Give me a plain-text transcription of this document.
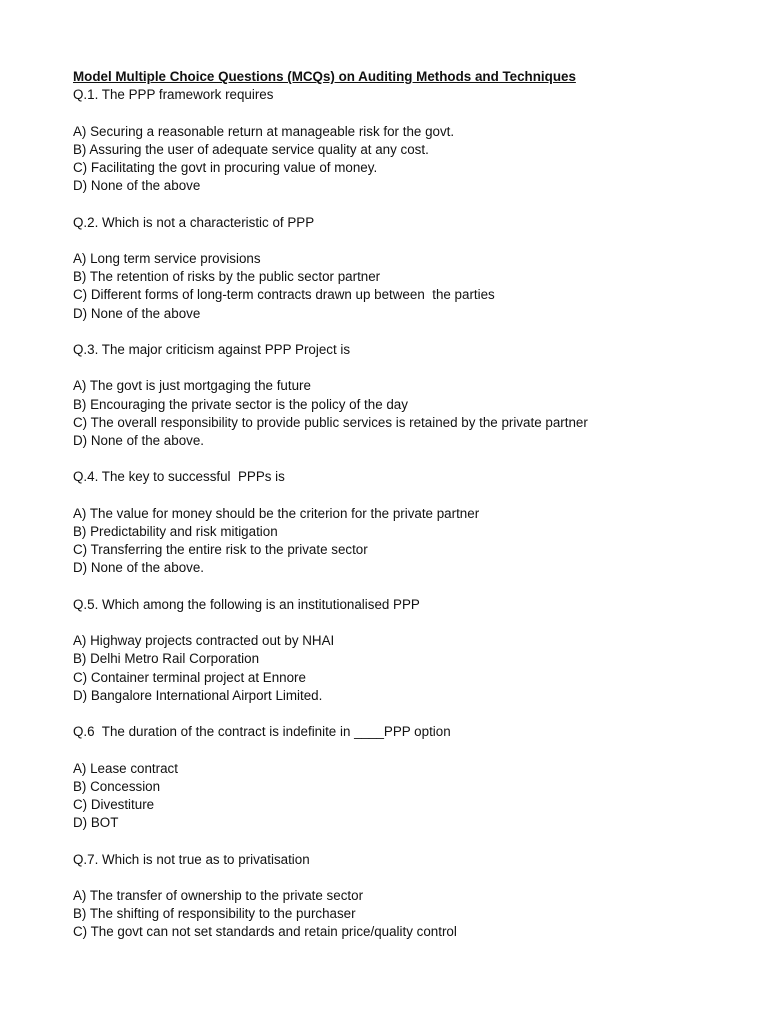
Model Multiple Choice Questions (MCQs) on Auditing Methods and Techniques
Q.1. The PPP framework requires
A) Securing a reasonable return at manageable risk for the govt.
B) Assuring the user of adequate service quality at any cost.
C) Facilitating the govt in procuring value of money.
D) None of the above
Q.2. Which is not a characteristic of PPP
A) Long term service provisions
B) The retention of risks by the public sector partner
C) Different forms of long-term contracts drawn up between  the parties
D) None of the above
Q.3. The major criticism against PPP Project is
A) The govt is just mortgaging the future
B) Encouraging the private sector is the policy of the day
C) The overall responsibility to provide public services is retained by the private partner
D) None of the above.
Q.4. The key to successful  PPPs is
A) The value for money should be the criterion for the private partner
B) Predictability and risk mitigation
C) Transferring the entire risk to the private sector
D) None of the above.
Q.5. Which among the following is an institutionalised PPP
A) Highway projects contracted out by NHAI
B) Delhi Metro Rail Corporation
C) Container terminal project at Ennore
D) Bangalore International Airport Limited.
Q.6  The duration of the contract is indefinite in ____PPP option
A) Lease contract
B) Concession
C) Divestiture
D) BOT
Q.7. Which is not true as to privatisation
A) The transfer of ownership to the private sector
B) The shifting of responsibility to the purchaser
C) The govt can not set standards and retain price/quality control
